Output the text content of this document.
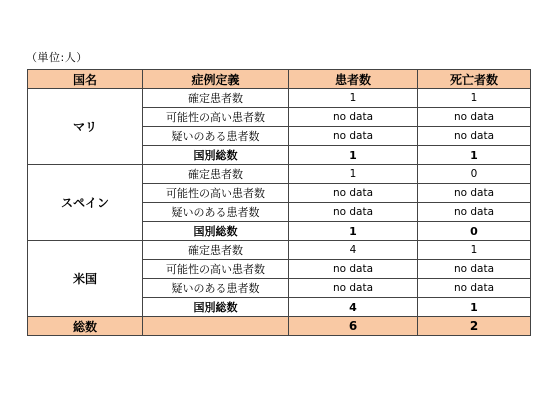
（単位:人）
国名	症例定義	患者数	死亡者数
マリ	確定患者数	1	1
	可能性の高い患者数	no data	no data
	疑いのある患者数	no data	no data
	国別総数	1	1
スペイン	確定患者数	1	0
	可能性の高い患者数	no data	no data
	疑いのある患者数	no data	no data
	国別総数	1	0
米国	確定患者数	4	1
	可能性の高い患者数	no data	no data
	疑いのある患者数	no data	no data
	国別総数	4	1
総数		6	2
